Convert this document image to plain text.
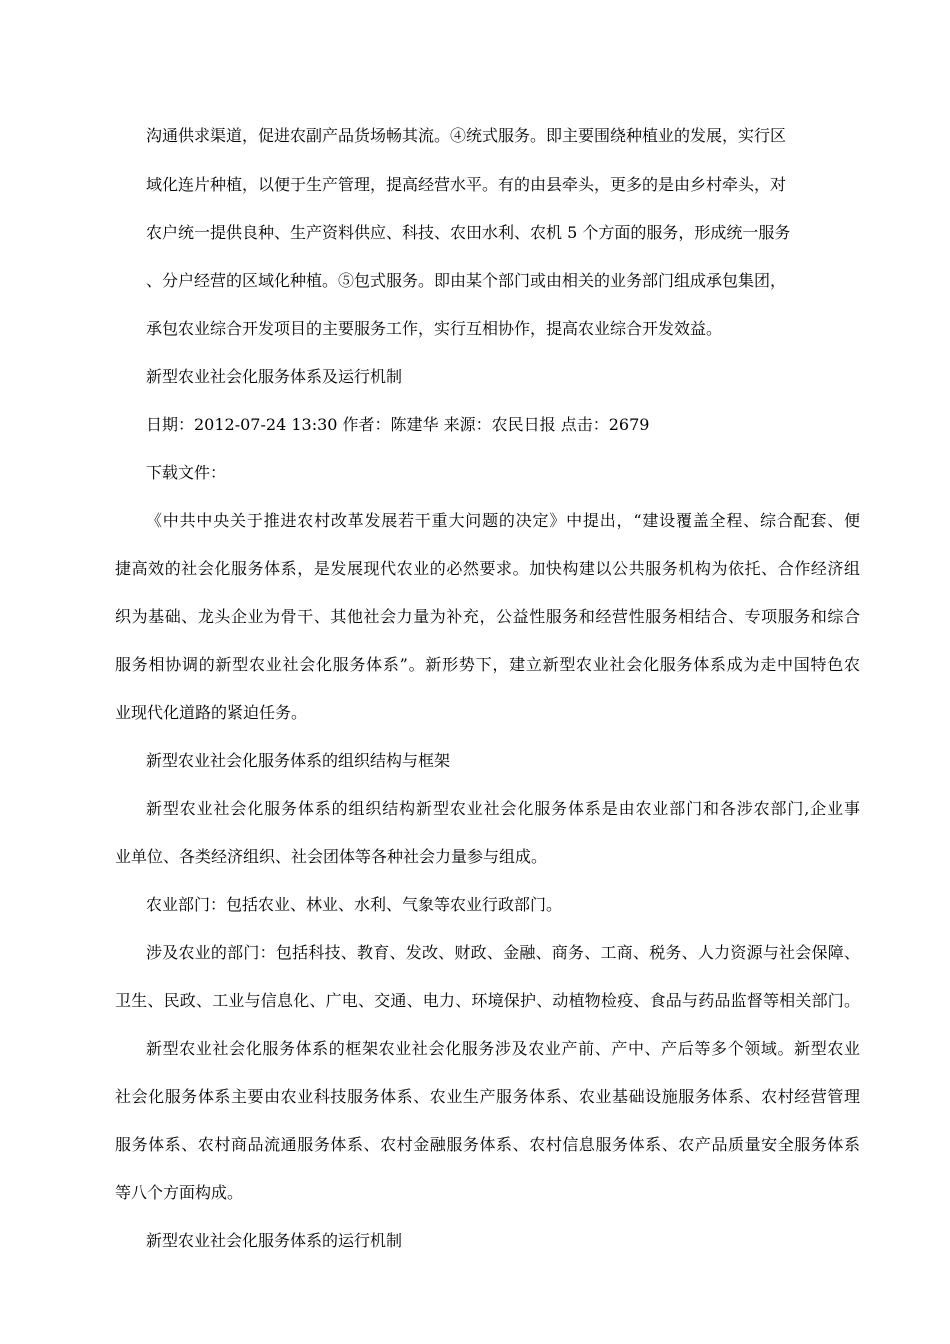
沟通供求渠道，促进农副产品货场畅其流。④统式服务。即主要围绕种植业的发展，实行区

域化连片种植，以便于生产管理，提高经营水平。有的由县牵头，更多的是由乡村牵头，对

农户统一提供良种、生产资料供应、科技、农田水利、农机 5 个方面的服务，形成统一服务

、分户经营的区域化种植。⑤包式服务。即由某个部门或由相关的业务部门组成承包集团，

承包农业综合开发项目的主要服务工作，实行互相协作，提高农业综合开发效益。

新型农业社会化服务体系及运行机制

日期：2012-07-24 13:30 作者：陈建华 来源：农民日报 点击：2679

下载文件：

《中共中央关于推进农村改革发展若干重大问题的决定》中提出，“建设覆盖全程、综合配套、便

捷高效的社会化服务体系，是发展现代农业的必然要求。加快构建以公共服务机构为依托、合作经济组

织为基础、龙头企业为骨干、其他社会力量为补充，公益性服务和经营性服务相结合、专项服务和综合

服务相协调的新型农业社会化服务体系”。新形势下，建立新型农业社会化服务体系成为走中国特色农

业现代化道路的紧迫任务。

新型农业社会化服务体系的组织结构与框架

新型农业社会化服务体系的组织结构新型农业社会化服务体系是由农业部门和各涉农部门,企业事

业单位、各类经济组织、社会团体等各种社会力量参与组成。

农业部门：包括农业、林业、水利、气象等农业行政部门。

涉及农业的部门：包括科技、教育、发改、财政、金融、商务、工商、税务、人力资源与社会保障、

卫生、民政、工业与信息化、广电、交通、电力、环境保护、动植物检疫、食品与药品监督等相关部门。

新型农业社会化服务体系的框架农业社会化服务涉及农业产前、产中、产后等多个领域。新型农业

社会化服务体系主要由农业科技服务体系、农业生产服务体系、农业基础设施服务体系、农村经营管理

服务体系、农村商品流通服务体系、农村金融服务体系、农村信息服务体系、农产品质量安全服务体系

等八个方面构成。

新型农业社会化服务体系的运行机制
